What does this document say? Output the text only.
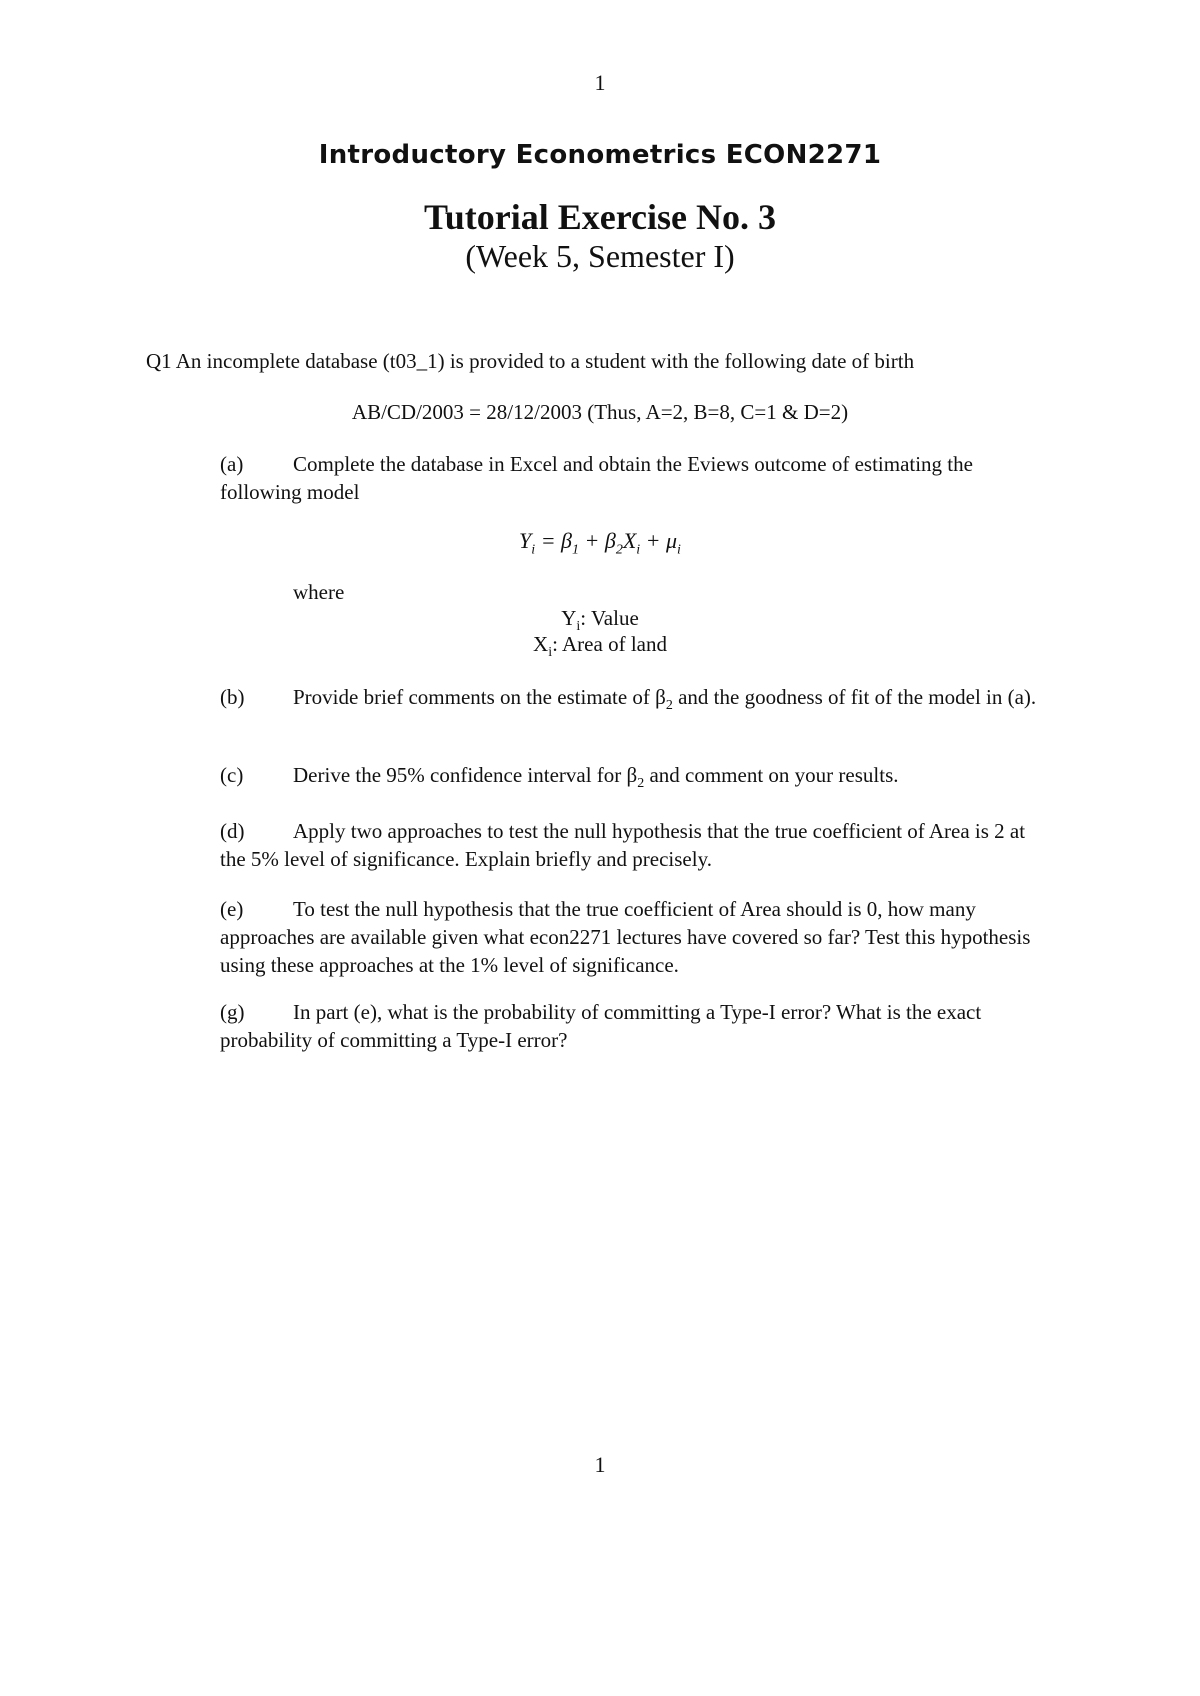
1
Introductory Econometrics ECON2271
Tutorial Exercise No. 3
(Week 5, Semester I)
Q1 An incomplete database (t03_1) is provided to a student with the following date of birth
AB/CD/2003 = 28/12/2003 (Thus, A=2, B=8, C=1 & D=2)
(a) Complete the database in Excel and obtain the Eviews outcome of estimating the following model
$Y_i = \beta_1 + \beta_2X_i + \mu_i$
where
$Y_i$: Value
$X_i$: Area of land
(b) Provide brief comments on the estimate of $\beta_2$ and the goodness of fit of the model in (a).
(c) Derive the 95% confidence interval for $\beta_2$ and comment on your results.
(d) Apply two approaches to test the null hypothesis that the true coefficient of Area is 2 at the 5% level of significance. Explain briefly and precisely.
(e) To test the null hypothesis that the true coefficient of Area should is 0, how many approaches are available given what econ2271 lectures have covered so far? Test this hypothesis using these approaches at the 1% level of significance.
(g) In part (e), what is the probability of committing a Type-I error? What is the exact probability of committing a Type-I error?
1
